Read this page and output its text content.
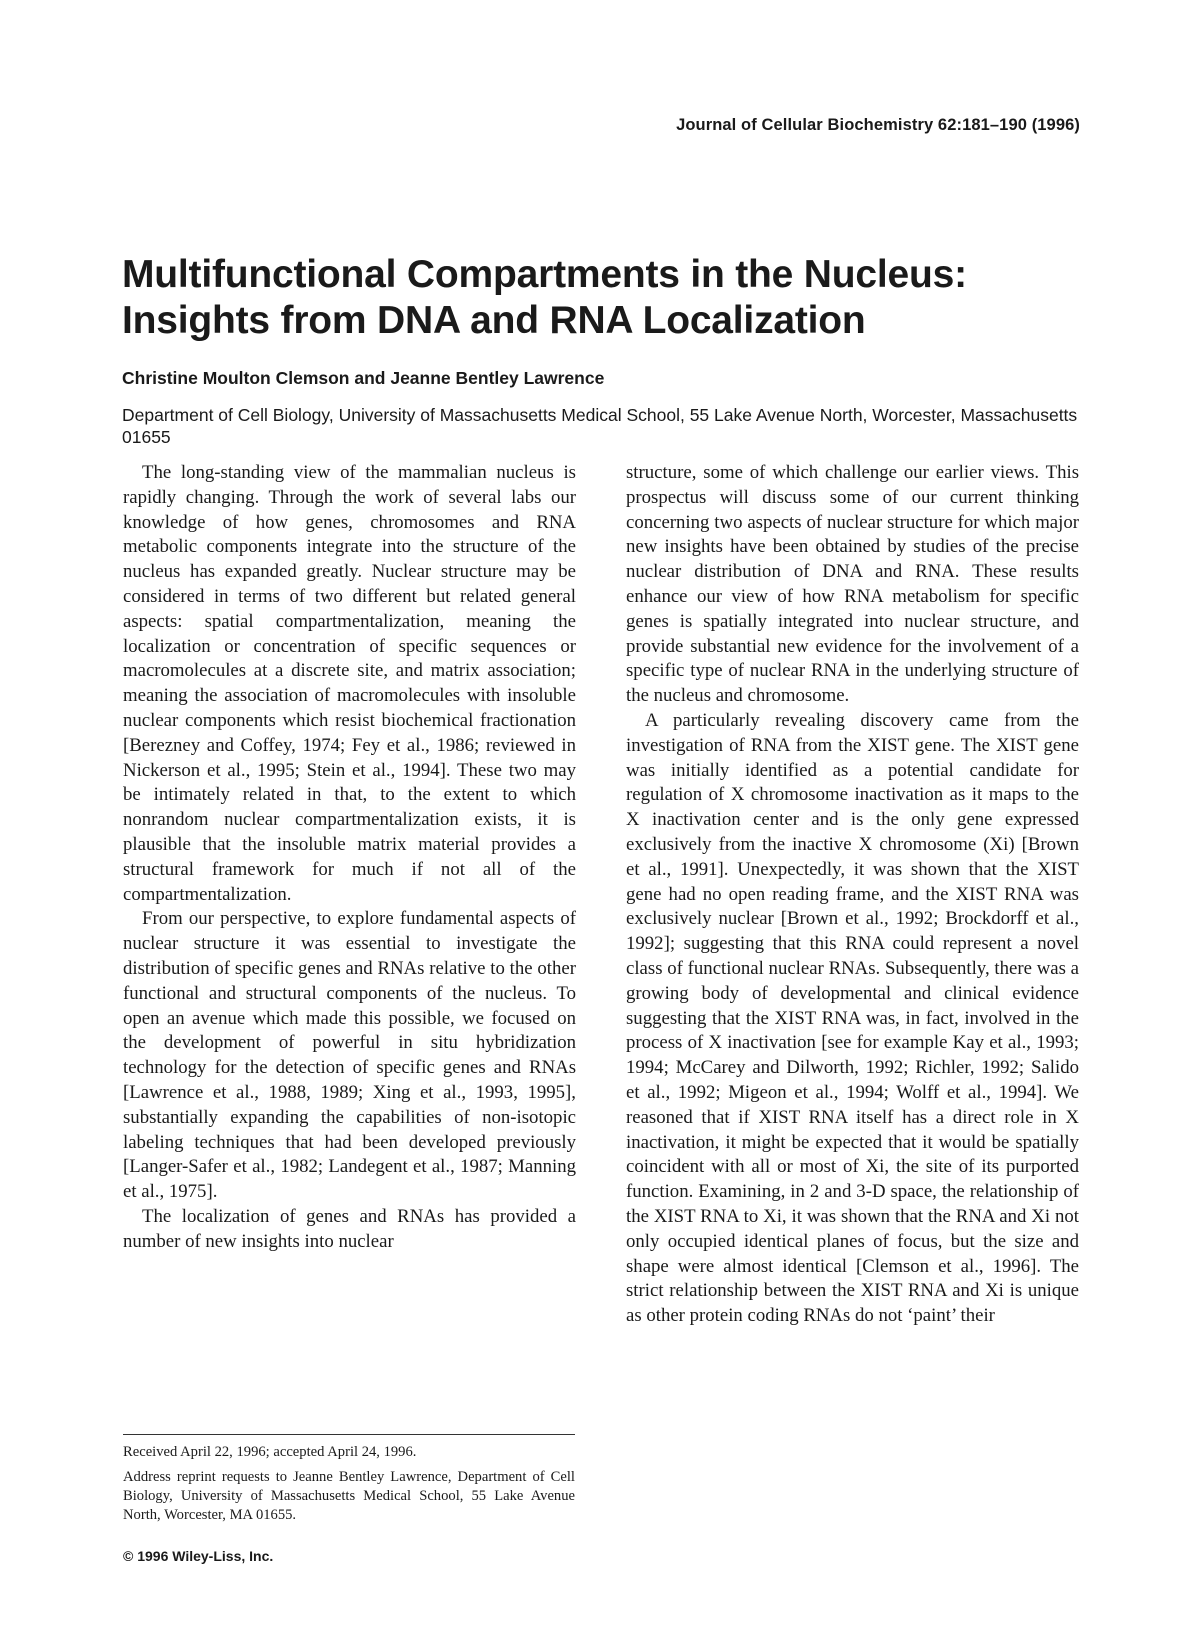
Journal of Cellular Biochemistry 62:181–190 (1996)
Multifunctional Compartments in the Nucleus: Insights from DNA and RNA Localization
Christine Moulton Clemson and Jeanne Bentley Lawrence
Department of Cell Biology, University of Massachusetts Medical School, 55 Lake Avenue North, Worcester, Massachusetts 01655

The long-standing view of the mammalian nucleus is rapidly changing. Through the work of several labs our knowledge of how genes, chromosomes and RNA metabolic components integrate into the structure of the nucleus has expanded greatly. Nuclear structure may be considered in terms of two different but related general aspects: spatial compartmentalization, meaning the localization or concentration of specific sequences or macromolecules at a discrete site, and matrix association; meaning the association of macromolecules with insoluble nuclear components which resist biochemical fractionation [Berezney and Coffey, 1974; Fey et al., 1986; reviewed in Nickerson et al., 1995; Stein et al., 1994]. These two may be intimately related in that, to the extent to which nonrandom nuclear compartmentalization exists, it is plausible that the insoluble matrix material provides a structural framework for much if not all of the compartmentalization.

From our perspective, to explore fundamental aspects of nuclear structure it was essential to investigate the distribution of specific genes and RNAs relative to the other functional and structural components of the nucleus. To open an avenue which made this possible, we focused on the development of powerful in situ hybridization technology for the detection of specific genes and RNAs [Lawrence et al., 1988, 1989; Xing et al., 1993, 1995], substantially expanding the capabilities of non-isotopic labeling techniques that had been developed previously [Langer-Safer et al., 1982; Landegent et al., 1987; Manning et al., 1975].

The localization of genes and RNAs has provided a number of new insights into nuclear

structure, some of which challenge our earlier views. This prospectus will discuss some of our current thinking concerning two aspects of nuclear structure for which major new insights have been obtained by studies of the precise nuclear distribution of DNA and RNA. These results enhance our view of how RNA metabolism for specific genes is spatially integrated into nuclear structure, and provide substantial new evidence for the involvement of a specific type of nuclear RNA in the underlying structure of the nucleus and chromosome.

A particularly revealing discovery came from the investigation of RNA from the XIST gene. The XIST gene was initially identified as a potential candidate for regulation of X chromosome inactivation as it maps to the X inactivation center and is the only gene expressed exclusively from the inactive X chromosome (Xi) [Brown et al., 1991]. Unexpectedly, it was shown that the XIST gene had no open reading frame, and the XIST RNA was exclusively nuclear [Brown et al., 1992; Brockdorff et al., 1992]; suggesting that this RNA could represent a novel class of functional nuclear RNAs. Subsequently, there was a growing body of developmental and clinical evidence suggesting that the XIST RNA was, in fact, involved in the process of X inactivation [see for example Kay et al., 1993; 1994; McCarey and Dilworth, 1992; Richler, 1992; Salido et al., 1992; Migeon et al., 1994; Wolff et al., 1994]. We reasoned that if XIST RNA itself has a direct role in X inactivation, it might be expected that it would be spatially coincident with all or most of Xi, the site of its purported function. Examining, in 2 and 3-D space, the relationship of the XIST RNA to Xi, it was shown that the RNA and Xi not only occupied identical planes of focus, but the size and shape were almost identical [Clemson et al., 1996]. The strict relationship between the XIST RNA and Xi is unique as other protein coding RNAs do not ‘paint’ their

Received April 22, 1996; accepted April 24, 1996.

Address reprint requests to Jeanne Bentley Lawrence, Department of Cell Biology, University of Massachusetts Medical School, 55 Lake Avenue North, Worcester, MA 01655.

© 1996 Wiley-Liss, Inc.
